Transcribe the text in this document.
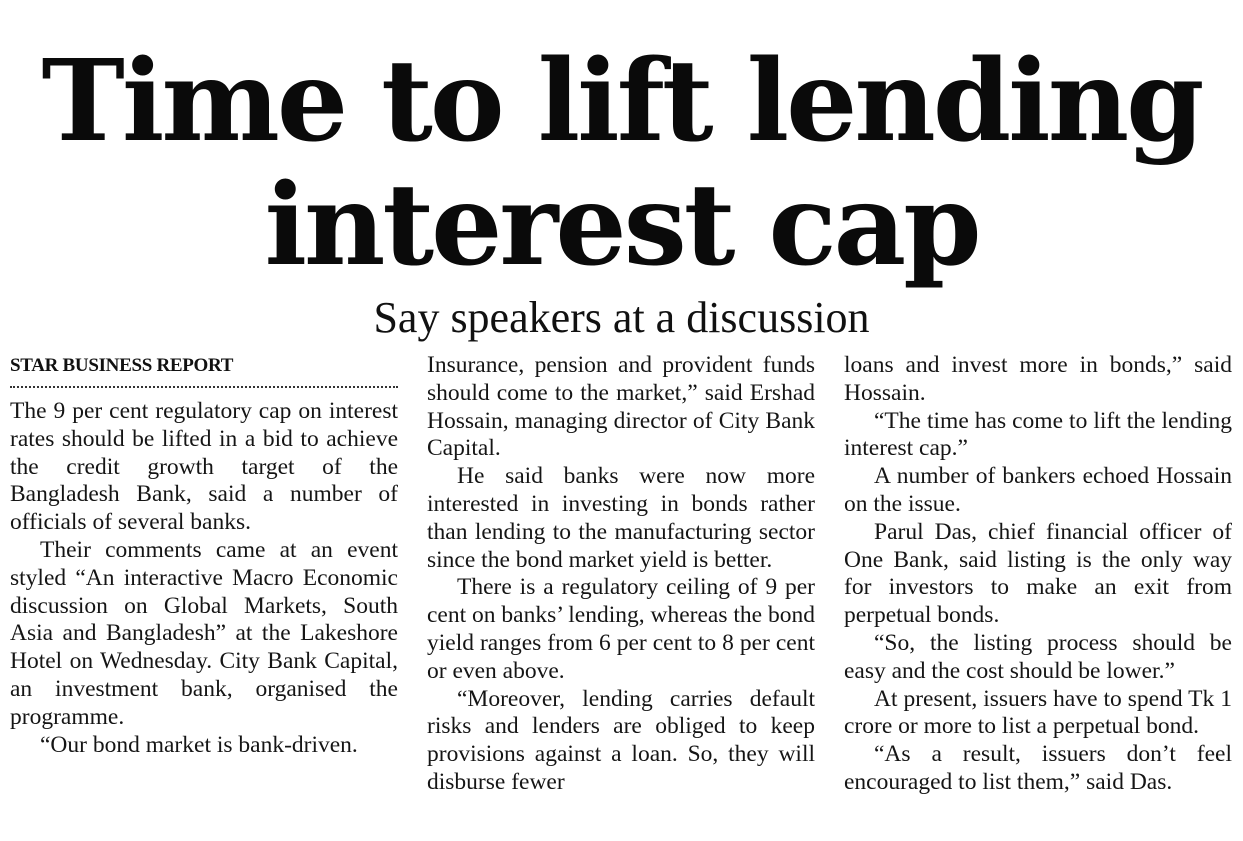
Time to lift lending
interest cap
Say speakers at a discussion
STAR BUSINESS REPORT

The 9 per cent regulatory cap on interest rates should be lifted in a bid to achieve the credit growth target of the Bangladesh Bank, said a number of officials of several banks.

Their comments came at an event styled “An interactive Macro Economic discussion on Global Markets, South Asia and Bangladesh” at the Lakeshore Hotel on Wednesday. City Bank Capital, an investment bank, organised the programme.

“Our bond market is bank-driven.

Insurance, pension and provident funds should come to the market,” said Ershad Hossain, managing director of City Bank Capital.

He said banks were now more interested in investing in bonds rather than lending to the manufacturing sector since the bond market yield is better.

There is a regulatory ceiling of 9 per cent on banks’ lending, whereas the bond yield ranges from 6 per cent to 8 per cent or even above.

“Moreover, lending carries default risks and lenders are obliged to keep provisions against a loan. So, they will disburse fewer

loans and invest more in bonds,” said Hossain.

“The time has come to lift the lending interest cap.”

A number of bankers echoed Hossain on the issue.

Parul Das, chief financial officer of One Bank, said listing is the only way for investors to make an exit from perpetual bonds.

“So, the listing process should be easy and the cost should be lower.”

At present, issuers have to spend Tk 1 crore or more to list a perpetual bond.

“As a result, issuers don’t feel encouraged to list them,” said Das.
